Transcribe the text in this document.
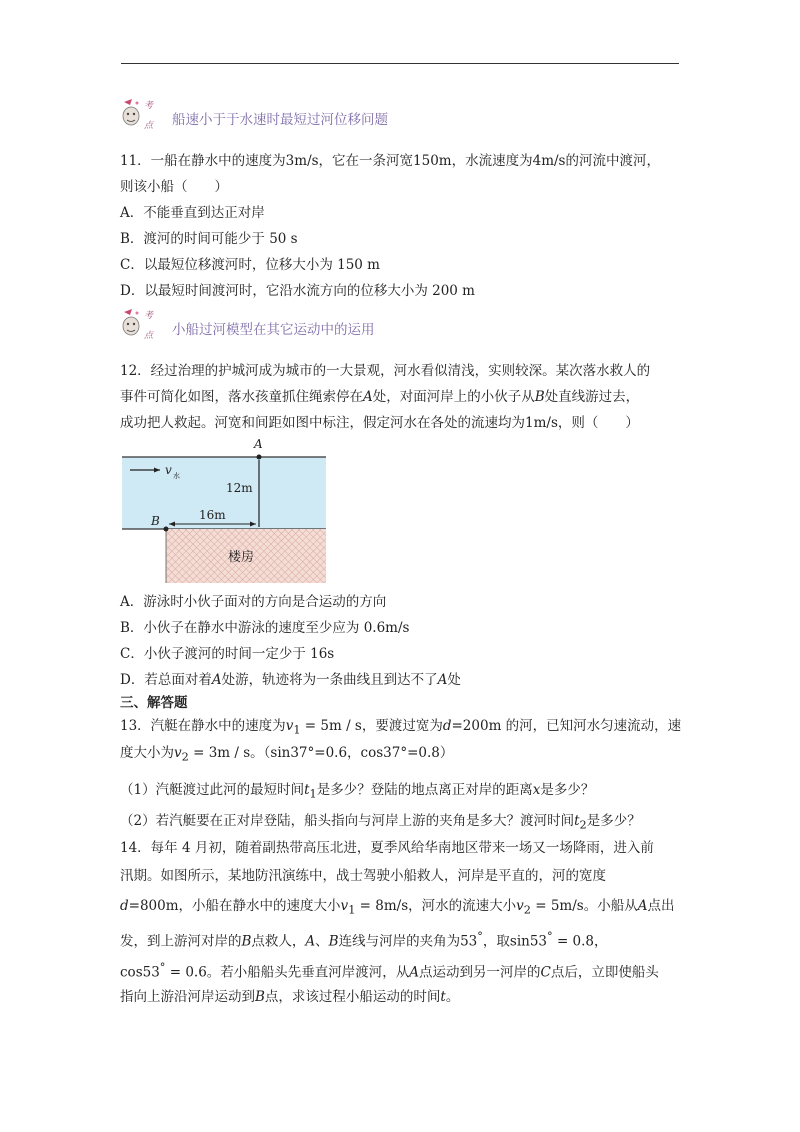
考
点 船速小于于水速时最短过河位移问题
11．一船在静水中的速度为3m/s，它在一条河宽150m，水流速度为4m/s的河流中渡河，
则该小船（　　）
A．不能垂直到达正对岸
B．渡河的时间可能少于 50 s
C．以最短位移渡河时，位移大小为 150 m
D．以最短时间渡河时，它沿水流方向的位移大小为 200 m
考
点 小船过河模型在其它运动中的运用
12．经过治理的护城河成为城市的一大景观，河水看似清浅，实则较深。某次落水救人的
事件可简化如图，落水孩童抓住绳索停在A处，对面河岸上的小伙子从B处直线游过去，
成功把人救起。河宽和间距如图中标注，假定河水在各处的流速均为1m/s，则（　　）
v 水
A
12m
B	16m
楼房
A．游泳时小伙子面对的方向是合运动的方向
B．小伙子在静水中游泳的速度至少应为 0.6m/s
C．小伙子渡河的时间一定少于 16s
D．若总面对着A处游，轨迹将为一条曲线且到达不了A处
三、解答题
13．汽艇在静水中的速度为$v_1 = 5m / s$，要渡过宽为d=200m 的河，已知河水匀速流动，速
度大小为$v_2 = 3m / s$。（sin37°=0.6，cos37°=0.8）
（1）汽艇渡过此河的最短时间$t_1$是多少？登陆的地点离正对岸的距离x是多少？
（2）若汽艇要在正对岸登陆，船头指向与河岸上游的夹角是多大？渡河时间$t_2$是多少？
14．每年 4 月初，随着副热带高压北进，夏季风给华南地区带来一场又一场降雨，进入前
汛期。如图所示，某地防汛演练中，战士驾驶小船救人，河岸是平直的，河的宽度
d=800m，小船在静水中的速度大小$v_1 = 8m/s$，河水的流速大小$v_2 = 5m/s$。小船从A点出
发，到上游河对岸的B点救人，A、B连线与河岸的夹角为53°，取sin53° = 0.8，
cos53° = 0.6。若小船船头先垂直河岸渡河，从A点运动到另一河岸的C点后，立即使船头
指向上游沿河岸运动到B点，求该过程小船运动的时间t。
